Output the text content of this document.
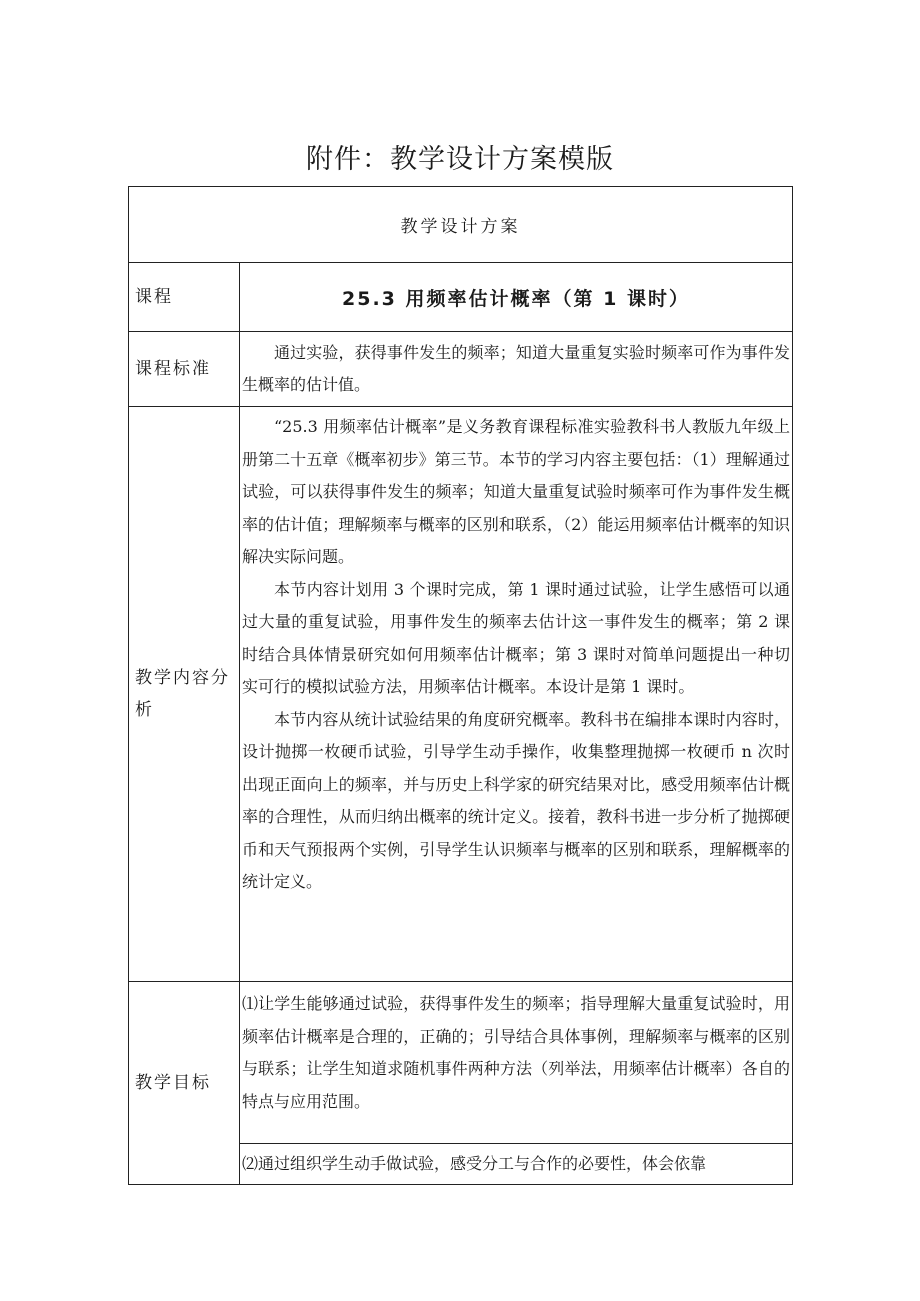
附件：教学设计方案模版
教学设计方案	
课程	25.3 用频率估计概率（第 1 课时）
课程标准	通过实验，获得事件发生的频率；知道大量重复实验时频率可作为事件发生概率的估计值。

教学内容分析	“25.3 用频率估计概率”是义务教育课程标准实验教科书人教版九年级上册第二十五章《概率初步》第三节。本节的学习内容主要包括：（1）理解通过试验，可以获得事件发生的频率；知道大量重复试验时频率可作为事件发生概率的估计值；理解频率与概率的区别和联系，（2）能运用频率估计概率的知识解决实际问题。

本节内容计划用 3 个课时完成，第 1 课时通过试验，让学生感悟可以通过大量的重复试验，用事件发生的频率去估计这一事件发生的概率；第 2 课时结合具体情景研究如何用频率估计概率；第 3 课时对简单问题提出一种切实可行的模拟试验方法，用频率估计概率。本设计是第 1 课时。

本节内容从统计试验结果的角度研究概率。教科书在编排本课时内容时，设计抛掷一枚硬币试验，引导学生动手操作，收集整理抛掷一枚硬币 n 次时出现正面向上的频率，并与历史上科学家的研究结果对比，感受用频率估计概率的合理性，从而归纳出概率的统计定义。接着，教科书进一步分析了抛掷硬币和天气预报两个实例，引导学生认识频率与概率的区别和联系，理解概率的统计定义。

教学目标	⑴让学生能够通过试验，获得事件发生的频率；指导理解大量重复试验时，用频率估计概率是合理的，正确的；引导结合具体事例，理解频率与概率的区别与联系；让学生知道求随机事件两种方法（列举法，用频率估计概率）各自的特点与应用范围。

	⑵通过组织学生动手做试验，感受分工与合作的必要性，体会依靠
